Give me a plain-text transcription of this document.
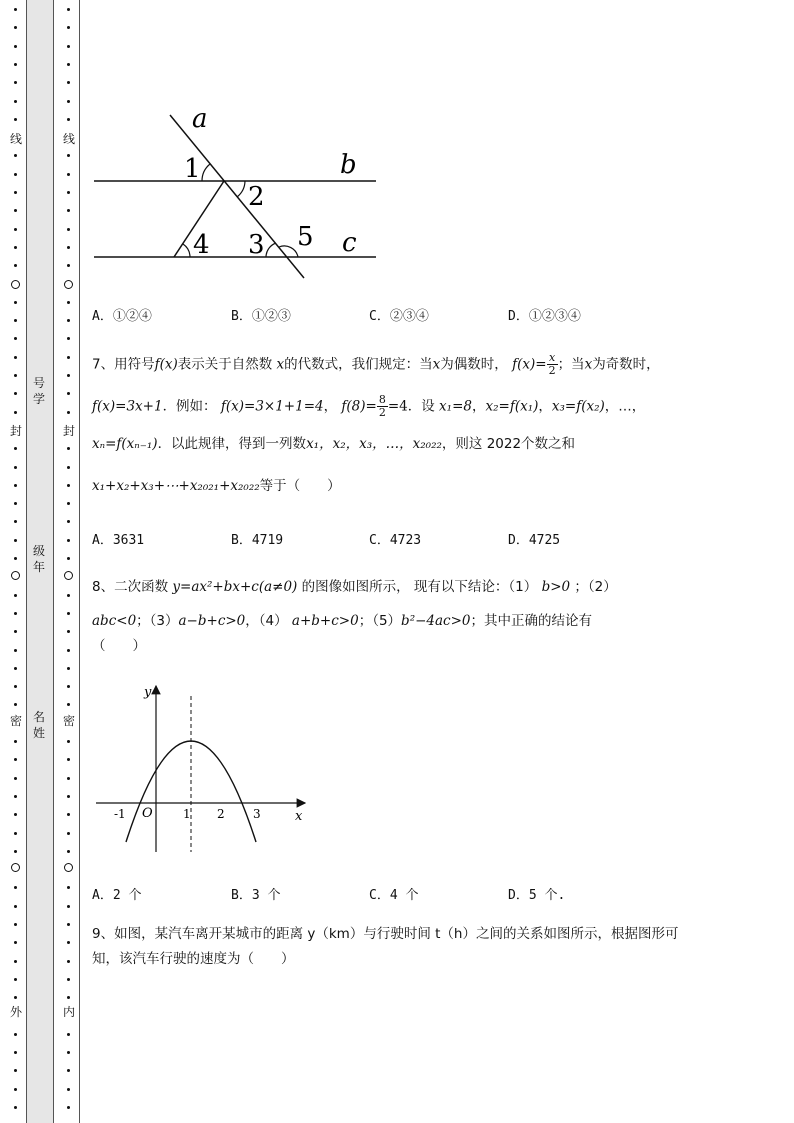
线
封
密
外
线
封
密
内
号学
级年
名姓
a
b
c
1
2
4 3 5
A．①②④	B．①②③	C．②③④	D．①②③④
7、用符号f(x)表示关于自然数 x的代数式，我们规定：当x为偶数时， $f(x)= \frac{x}{2}$ ；当x为奇数时，
f(x)=3x+1．例如： f(x)=3×1+1=4， $f(8)= \frac{8}{2} =4$．设 x₁=8，x₂=f(x₁)，x₃=f(x₂)，…，
xₙ=f(xₙ₋₁)．以此规律，得到一列数x₁，x₂，x₃，…，x₂₀₂₂，则这 2022个数之和
x₁+x₂+x₃+⋯+x₂₀₂₁+x₂₀₂₂等于（　　）
A．3631	B．4719	C．4723	D．4725
8、二次函数 y=ax²+bx+c(a≠0) 的图像如图所示， 现有以下结论：（1） b>0 ；（2）
abc<0；（3）a−b+c>0，（4） a+b+c>0；（5）b²−4ac>0；其中正确的结论有
（　　）
y
x
O
-1	1 2 3
A．2 个	B．3 个	C．4 个	D．5 个.
9、如图，某汽车离开某城市的距离 y（km）与行驶时间 t（h）之间的关系如图所示，根据图形可
知，该汽车行驶的速度为（　　）
